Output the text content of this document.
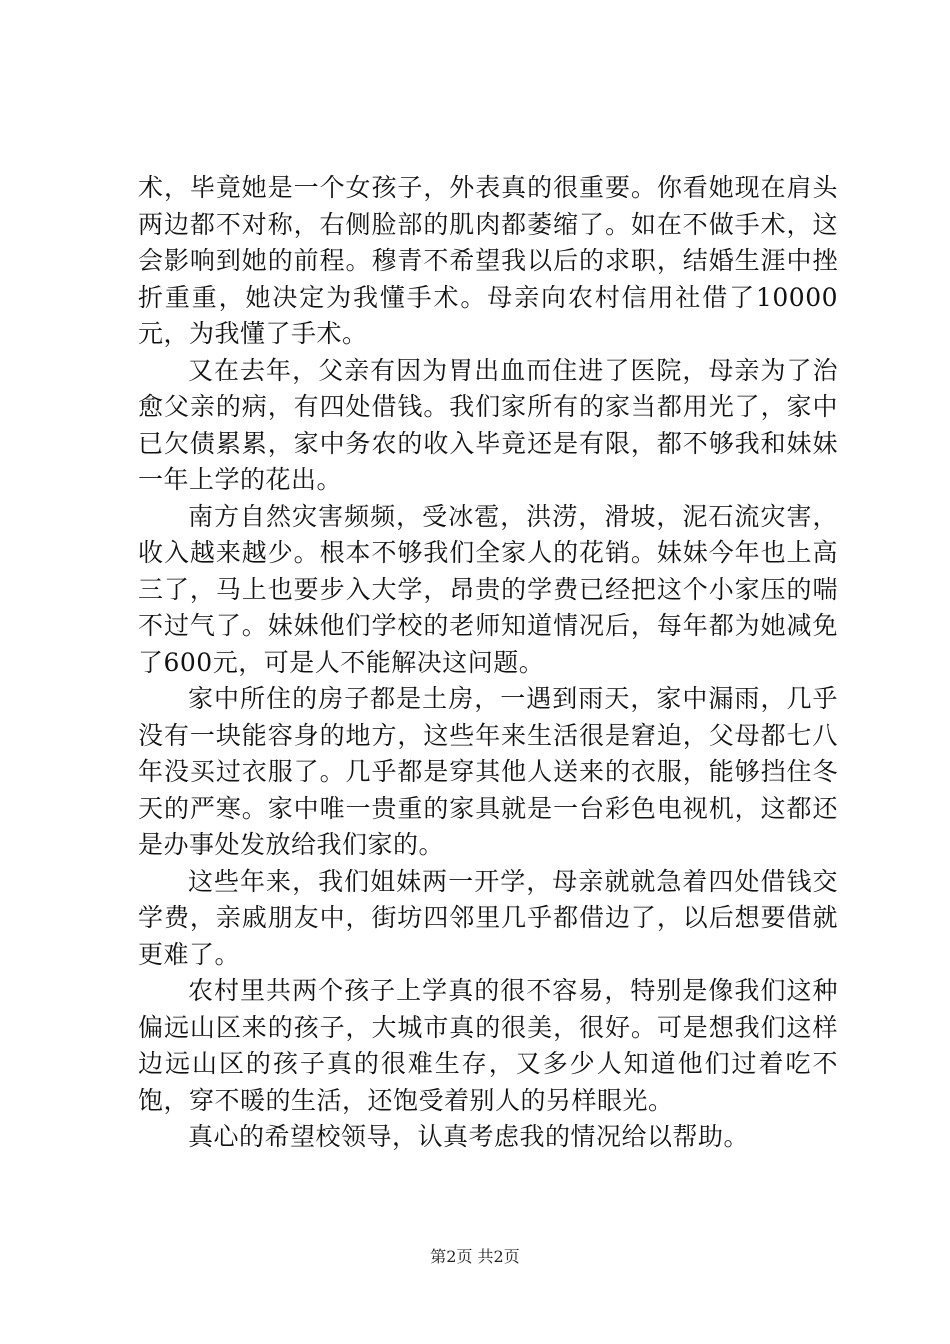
术，毕竟她是一个女孩子，外表真的很重要。你看她现在肩头两边都不对称，右侧脸部的肌肉都萎缩了。如在不做手术，这会影响到她的前程。穆青不希望我以后的求职，结婚生涯中挫折重重，她决定为我懂手术。母亲向农村信用社借了10000元，为我懂了手术。

又在去年，父亲有因为胃出血而住进了医院，母亲为了治愈父亲的病，有四处借钱。我们家所有的家当都用光了，家中已欠债累累，家中务农的收入毕竟还是有限，都不够我和妹妹一年上学的花出。

南方自然灾害频频，受冰雹，洪涝，滑坡，泥石流灾害，收入越来越少。根本不够我们全家人的花销。妹妹今年也上高三了，马上也要步入大学，昂贵的学费已经把这个小家压的喘不过气了。妹妹他们学校的老师知道情况后，每年都为她减免了600元，可是人不能解决这问题。

家中所住的房子都是土房，一遇到雨天，家中漏雨，几乎没有一块能容身的地方，这些年来生活很是窘迫，父母都七八年没买过衣服了。几乎都是穿其他人送来的衣服，能够挡住冬天的严寒。家中唯一贵重的家具就是一台彩色电视机，这都还是办事处发放给我们家的。

这些年来，我们姐妹两一开学，母亲就就急着四处借钱交学费，亲戚朋友中，街坊四邻里几乎都借边了，以后想要借就更难了。

农村里共两个孩子上学真的很不容易，特别是像我们这种偏远山区来的孩子，大城市真的很美，很好。可是想我们这样边远山区的孩子真的很难生存，又多少人知道他们过着吃不饱，穿不暖的生活，还饱受着别人的另样眼光。

真心的希望校领导，认真考虑我的情况给以帮助。

第2页 共2页
